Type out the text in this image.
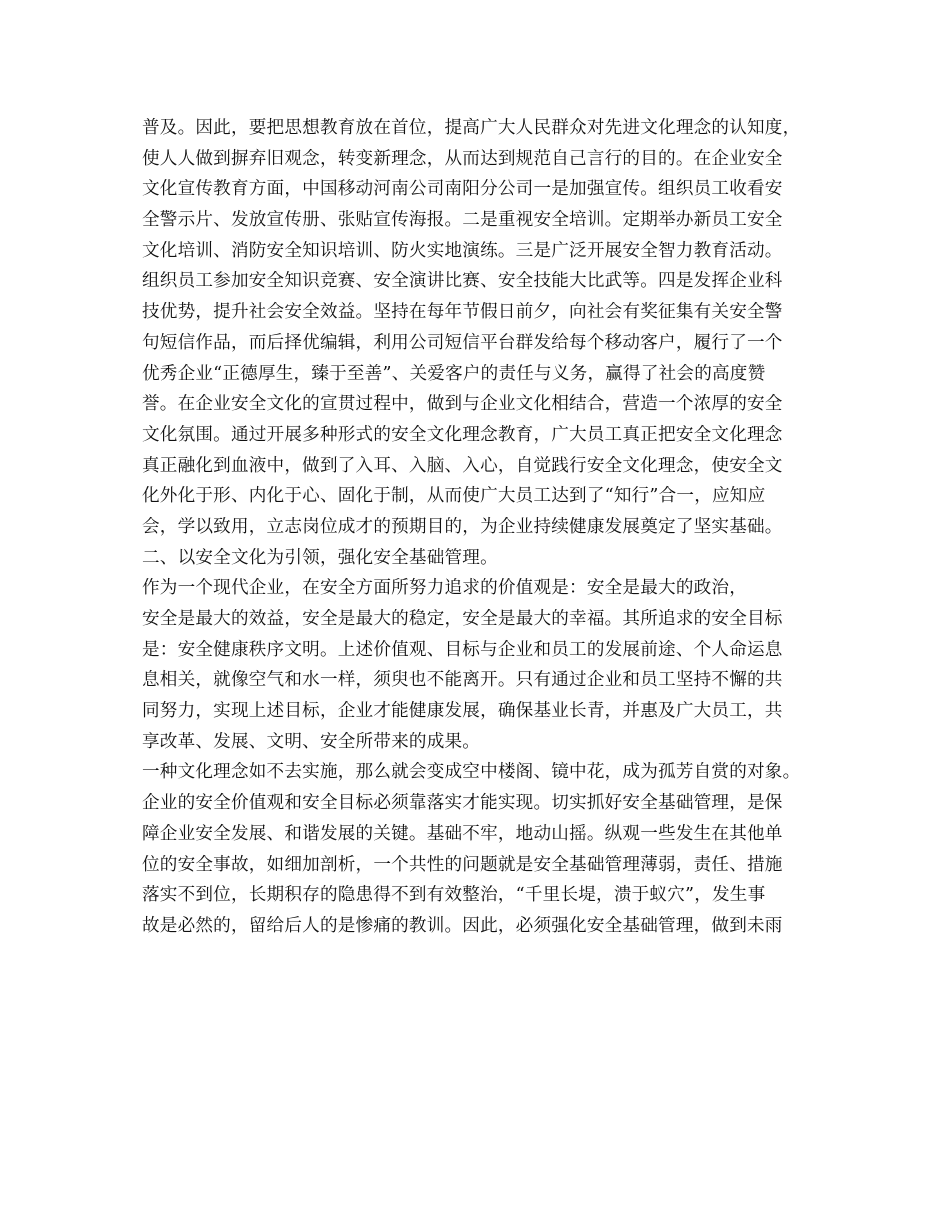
普及。因此，要把思想教育放在首位，提高广大人民群众对先进文化理念的认知度，
使人人做到摒弃旧观念，转变新理念，从而达到规范自己言行的目的。在企业安全
文化宣传教育方面，中国移动河南公司南阳分公司一是加强宣传。组织员工收看安
全警示片、发放宣传册、张贴宣传海报。二是重视安全培训。定期举办新员工安全
文化培训、消防安全知识培训、防火实地演练。三是广泛开展安全智力教育活动。
组织员工参加安全知识竞赛、安全演讲比赛、安全技能大比武等。四是发挥企业科
技优势，提升社会安全效益。坚持在每年节假日前夕，向社会有奖征集有关安全警
句短信作品，而后择优编辑，利用公司短信平台群发给每个移动客户，履行了一个
优秀企业“正德厚生，臻于至善”、关爱客户的责任与义务，赢得了社会的高度赞
誉。在企业安全文化的宣贯过程中，做到与企业文化相结合，营造一个浓厚的安全
文化氛围。通过开展多种形式的安全文化理念教育，广大员工真正把安全文化理念
真正融化到血液中，做到了入耳、入脑、入心，自觉践行安全文化理念，使安全文
化外化于形、内化于心、固化于制，从而使广大员工达到了“知行”合一，应知应
会，学以致用，立志岗位成才的预期目的，为企业持续健康发展奠定了坚实基础。
二、以安全文化为引领，强化安全基础管理。
作为一个现代企业，在安全方面所努力追求的价值观是：安全是最大的政治，
安全是最大的效益，安全是最大的稳定，安全是最大的幸福。其所追求的安全目标
是：安全健康秩序文明。上述价值观、目标与企业和员工的发展前途、个人命运息
息相关，就像空气和水一样，须臾也不能离开。只有通过企业和员工坚持不懈的共
同努力，实现上述目标，企业才能健康发展，确保基业长青，并惠及广大员工，共
享改革、发展、文明、安全所带来的成果。
一种文化理念如不去实施，那么就会变成空中楼阁、镜中花，成为孤芳自赏的对象。
企业的安全价值观和安全目标必须靠落实才能实现。切实抓好安全基础管理，是保
障企业安全发展、和谐发展的关键。基础不牢，地动山摇。纵观一些发生在其他单
位的安全事故，如细加剖析，一个共性的问题就是安全基础管理薄弱，责任、措施
落实不到位，长期积存的隐患得不到有效整治，“千里长堤，溃于蚁穴”，发生事
故是必然的，留给后人的是惨痛的教训。因此，必须强化安全基础管理，做到未雨
